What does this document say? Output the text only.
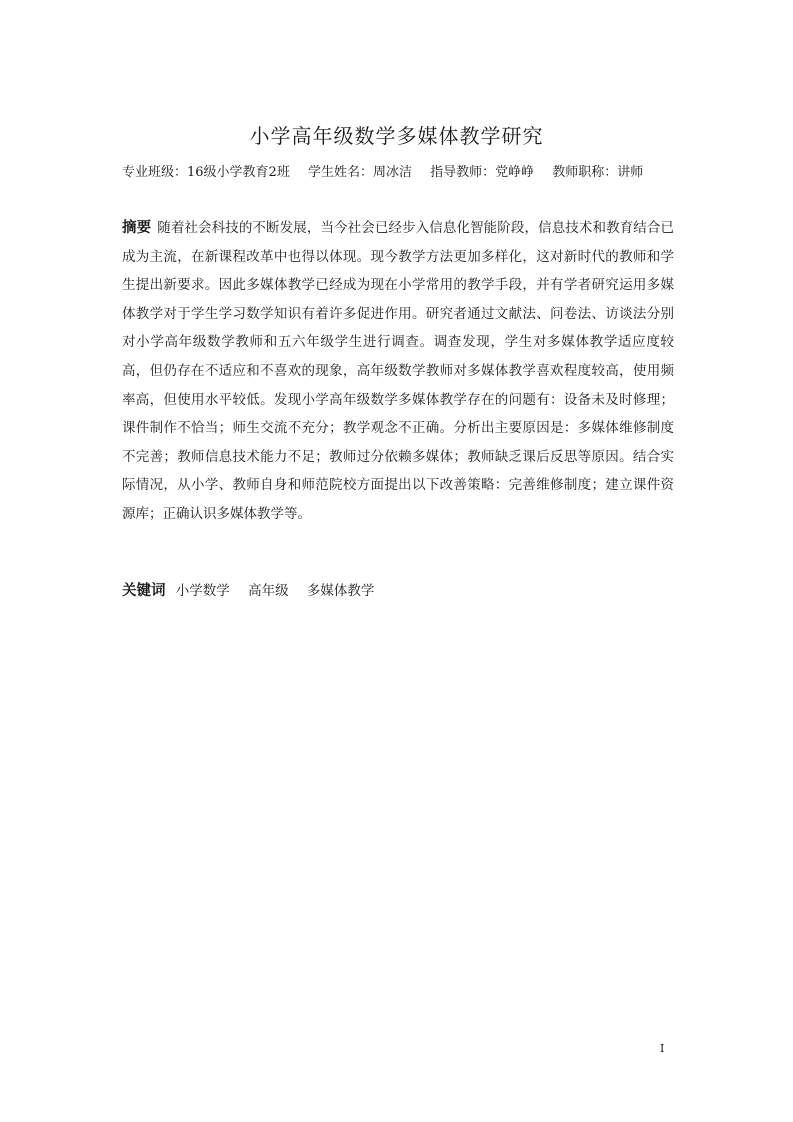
小学高年级数学多媒体教学研究
专业班级：16级小学教育2班 学生姓名：周冰洁 指导教师：党峥峥 教师职称：讲师

摘要 随着社会科技的不断发展，当今社会已经步入信息化智能阶段，信息技术和教育结合已成为主流，在新课程改革中也得以体现。现今教学方法更加多样化，这对新时代的教师和学生提出新要求。因此多媒体教学已经成为现在小学常用的教学手段，并有学者研究运用多媒体教学对于学生学习数学知识有着许多促进作用。研究者通过文献法、问卷法、访谈法分别对小学高年级数学教师和五六年级学生进行调查。调查发现，学生对多媒体教学适应度较高，但仍存在不适应和不喜欢的现象，高年级数学教师对多媒体教学喜欢程度较高，使用频率高，但使用水平较低。发现小学高年级数学多媒体教学存在的问题有：设备未及时修理；课件制作不恰当；师生交流不充分；教学观念不正确。分析出主要原因是：多媒体维修制度不完善；教师信息技术能力不足；教师过分依赖多媒体；教师缺乏课后反思等原因。结合实际情况，从小学、教师自身和师范院校方面提出以下改善策略：完善维修制度；建立课件资源库；正确认识多媒体教学等。

关键词 小学数学 高年级 多媒体教学
I
